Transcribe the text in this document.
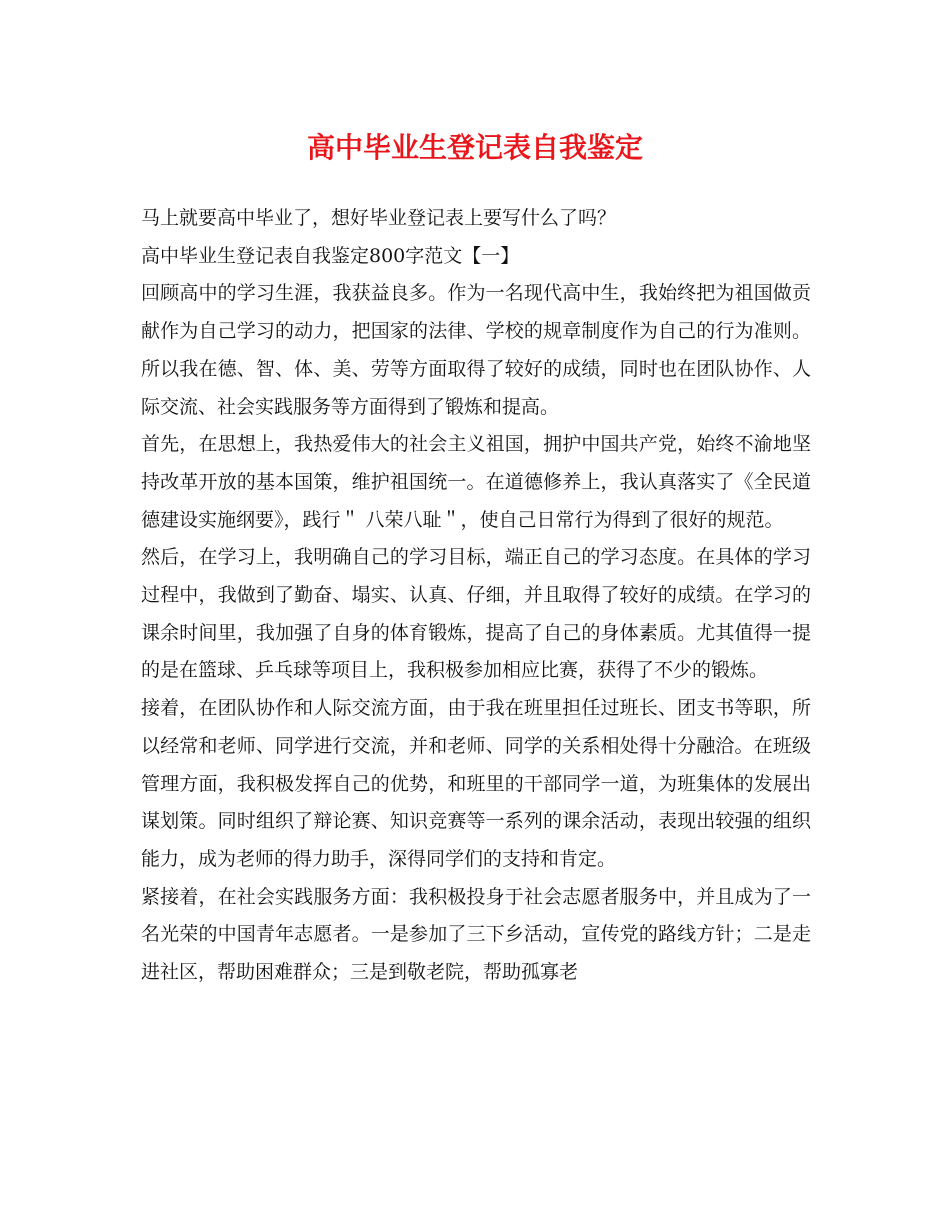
高中毕业生登记表自我鉴定

马上就要高中毕业了，想好毕业登记表上要写什么了吗？

高中毕业生登记表自我鉴定800字范文【一】

回顾高中的学习生涯，我获益良多。作为一名现代高中生，我始终把为祖国做贡献作为自己学习的动力，把国家的法律、学校的规章制度作为自己的行为准则。所以我在德、智、体、美、劳等方面取得了较好的成绩，同时也在团队协作、人际交流、社会实践服务等方面得到了锻炼和提高。

首先，在思想上，我热爱伟大的社会主义祖国，拥护中国共产党，始终不渝地坚持改革开放的基本国策，维护祖国统一。在道德修养上，我认真落实了《全民道德建设实施纲要》，践行＂ 八荣八耻＂，使自己日常行为得到了很好的规范。

然后，在学习上，我明确自己的学习目标，端正自己的学习态度。在具体的学习过程中，我做到了勤奋、塌实、认真、仔细，并且取得了较好的成绩。在学习的课余时间里，我加强了自身的体育锻炼，提高了自己的身体素质。尤其值得一提的是在篮球、乒乓球等项目上，我积极参加相应比赛，获得了不少的锻炼。

接着，在团队协作和人际交流方面，由于我在班里担任过班长、团支书等职，所以经常和老师、同学进行交流，并和老师、同学的关系相处得十分融洽。在班级管理方面，我积极发挥自己的优势，和班里的干部同学一道，为班集体的发展出谋划策。同时组织了辩论赛、知识竞赛等一系列的课余活动，表现出较强的组织能力，成为老师的得力助手，深得同学们的支持和肯定。

紧接着，在社会实践服务方面：我积极投身于社会志愿者服务中，并且成为了一名光荣的中国青年志愿者。一是参加了三下乡活动，宣传党的路线方针；二是走进社区，帮助困难群众；三是到敬老院，帮助孤寡老
